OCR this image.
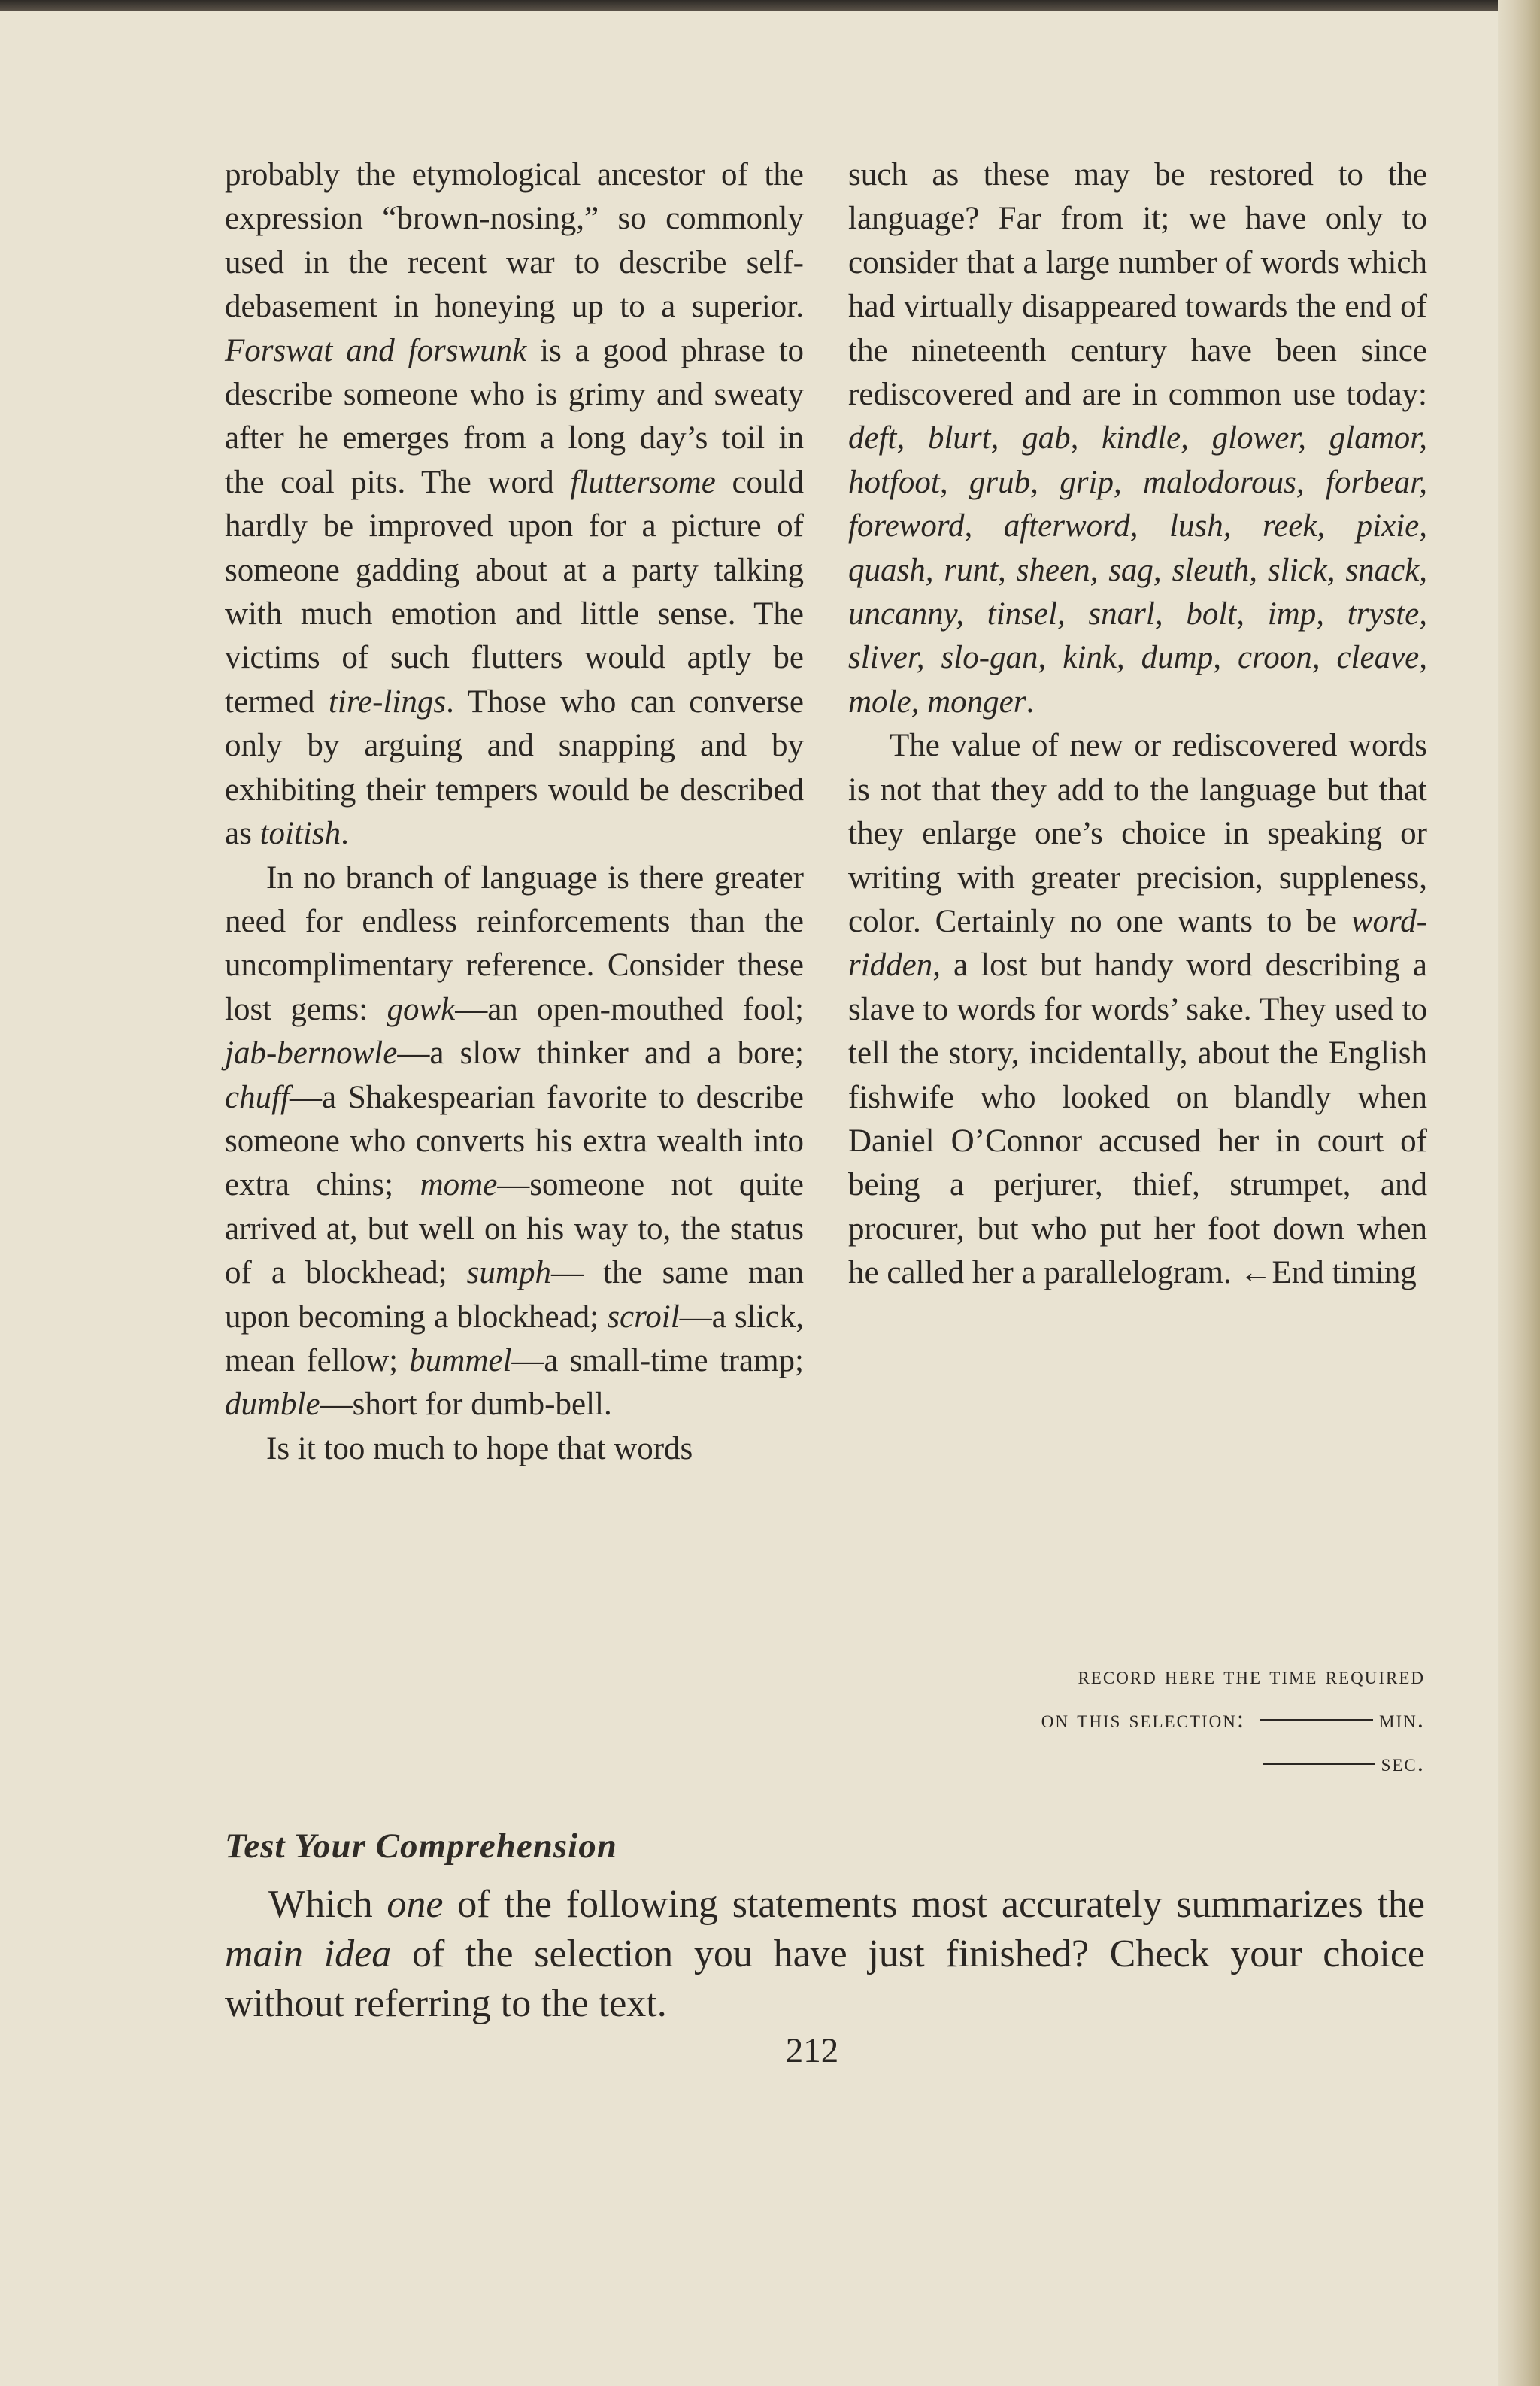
probably the etymological ancestor of the expression “brown-nosing,” so commonly used in the recent war to describe self-debasement in honeying up to a superior. Forswat and forswunk is a good phrase to describe someone who is grimy and sweaty after he emerges from a long day’s toil in the coal pits. The word fluttersome could hardly be improved upon for a picture of someone gadding about at a party talking with much emotion and little sense. The victims of such flutters would aptly be termed tire-lings. Those who can converse only by arguing and snapping and by exhibiting their tempers would be described as toitish.

In no branch of language is there greater need for endless reinforcements than the uncomplimentary reference. Consider these lost gems: gowk—an open-mouthed fool; jab-bernowle—a slow thinker and a bore; chuff—a Shakespearian favorite to describe someone who converts his extra wealth into extra chins; mome—someone not quite arrived at, but well on his way to, the status of a blockhead; sumph— the same man upon becoming a blockhead; scroil—a slick, mean fellow; bummel—a small-time tramp; dumble—short for dumb-bell.

Is it too much to hope that words

such as these may be restored to the language? Far from it; we have only to consider that a large number of words which had virtually disappeared towards the end of the nineteenth century have been since rediscovered and are in common use today: deft, blurt, gab, kindle, glower, glamor, hotfoot, grub, grip, malodorous, forbear, foreword, afterword, lush, reek, pixie, quash, runt, sheen, sag, sleuth, slick, snack, uncanny, tinsel, snarl, bolt, imp, tryste, sliver, slo-gan, kink, dump, croon, cleave, mole, monger.

The value of new or rediscovered words is not that they add to the language but that they enlarge one’s choice in speaking or writing with greater precision, suppleness, color. Certainly no one wants to be word-ridden, a lost but handy word describing a slave to words for words’ sake. They used to tell the story, incidentally, about the English fishwife who looked on blandly when Daniel O’Connor accused her in court of being a perjurer, thief, strumpet, and procurer, but who put her foot down when he called her a parallelogram. ←End timing

record here the time required
on this selection:	min.
sec.
Test Your Comprehension
Which one of the following statements most accurately summarizes the main idea of the selection you have just finished? Check your choice without referring to the text.
212
